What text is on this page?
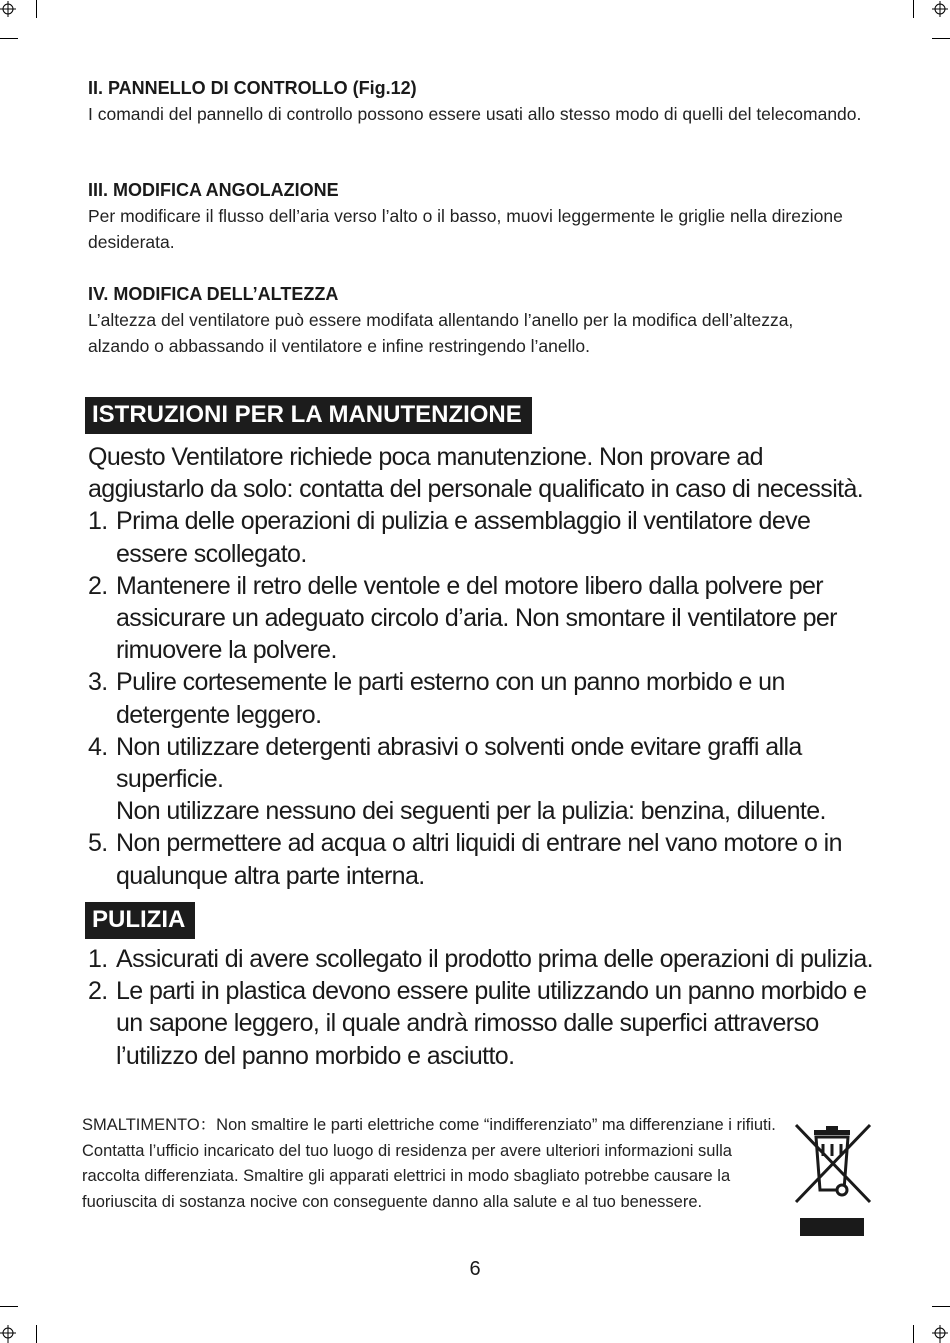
II. PANNELLO DI CONTROLLO (Fig.12)

I comandi del pannello di controllo possono essere usati allo stesso modo di quelli del telecomando.

III. MODIFICA ANGOLAZIONE

Per modificare il flusso dell’aria verso l’alto o il basso, muovi leggermente le griglie nella direzione desiderata.

IV. MODIFICA DELL’ALTEZZA

L’altezza del ventilatore può essere modifata allentando l’anello per la modifica dell’altezza, alzando o abbassando il ventilatore e infine restringendo l’anello.

ISTRUZIONI PER LA MANUTENZIONE

Questo Ventilatore richiede poca manutenzione. Non provare ad aggiustarlo da solo: contatta del personale qualificato in caso di necessità.

1. Prima delle operazioni di pulizia e assemblaggio il ventilatore deve essere scollegato.
2. Mantenere il retro delle ventole e del motore libero dalla polvere per assicurare un adeguato circolo d’aria. Non smontare il ventilatore per rimuovere la polvere.
3. Pulire cortesemente le parti esterno con un panno morbido e un detergente leggero.
4. Non utilizzare detergenti abrasivi o solventi onde evitare graffi alla superficie.
Non utilizzare nessuno dei seguenti per la pulizia: benzina, diluente.
5. Non permettere ad acqua o altri liquidi di entrare nel vano motore o in qualunque altra parte interna.
PULIZIA
1. Assicurati di avere scollegato il prodotto prima delle operazioni di pulizia.
2. Le parti in plastica devono essere pulite utilizzando un panno morbido e un sapone leggero, il quale andrà rimosso dalle superfici attraverso l’utilizzo del panno morbido e asciutto.

SMALTIMENTO：Non smaltire le parti elettriche come “indifferenziato” ma differenziane i rifiuti. Contatta l’ufficio incaricato del tuo luogo di residenza per avere ulteriori informazioni sulla raccolta differenziata. Smaltire gli apparati elettrici in modo sbagliato potrebbe causare la fuoriuscita di sostanza nocive con conseguente danno alla salute e al tuo benessere.

6
